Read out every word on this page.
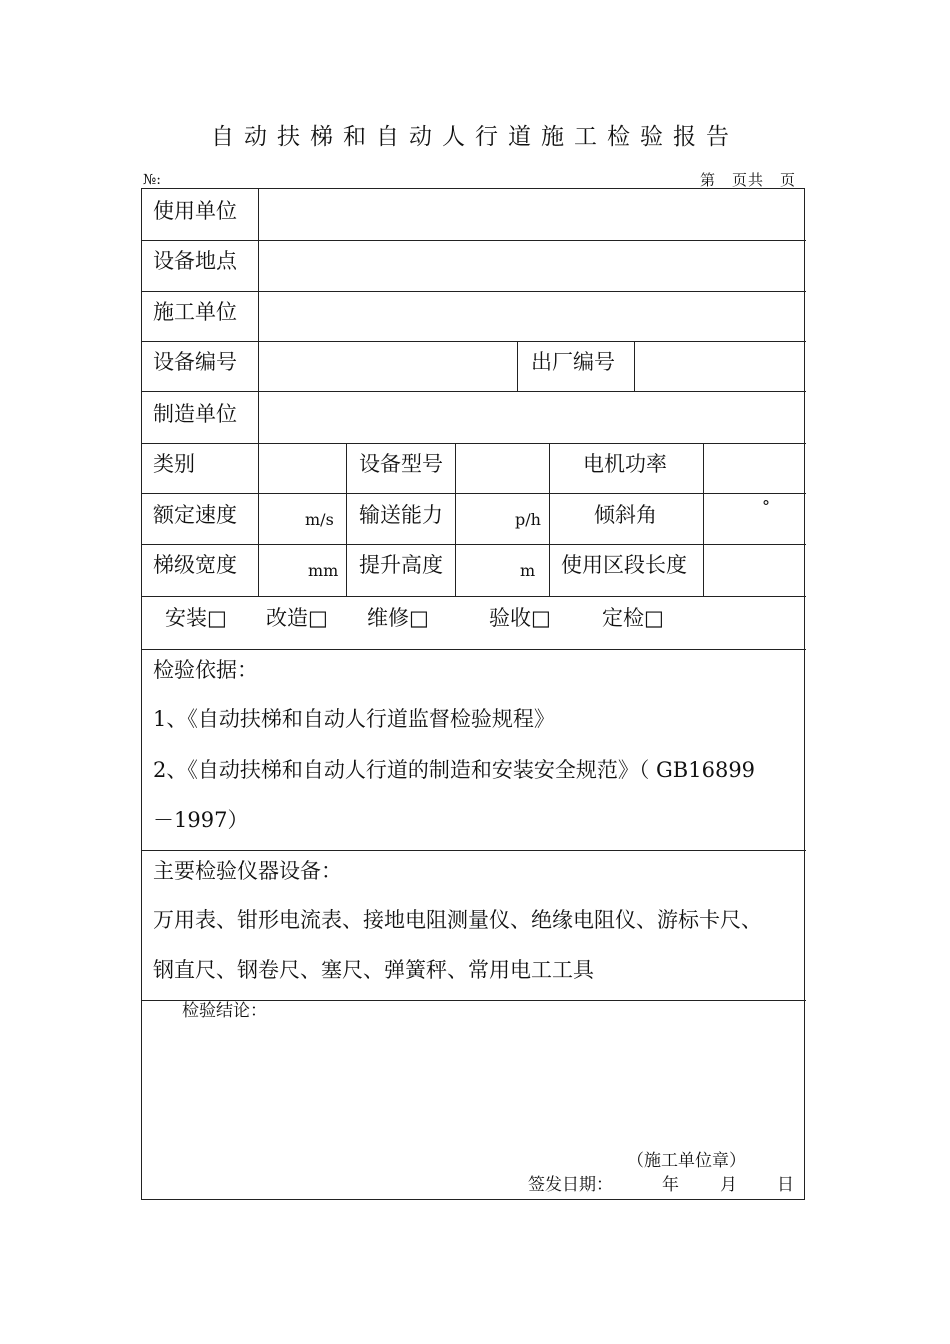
自动扶梯和自动人行道施工检验报告
№:	第　页共　页
使用单位
设备地点
施工单位
设备编号	出厂编号
制造单位
类别	设备型号	电机功率
额定速度	m/s 输送能力	p/h	倾斜角	°
梯级宽度	mm 提升高度	m 使用区段长度
安装□ 改造□ 维修□	验收□ 定检□
检验依据：
1、《自动扶梯和自动人行道监督检验规程》
2、《自动扶梯和自动人行道的制造和安装安全规范》（ GB16899
－1997）
主要检验仪器设备：
万用表、钳形电流表、接地电阻测量仪、绝缘电阻仪、游标卡尺、
钢直尺、钢卷尺、塞尺、弹簧秤、常用电工工具
检验结论：
（施工单位章）
签发日期：	年 月 日
